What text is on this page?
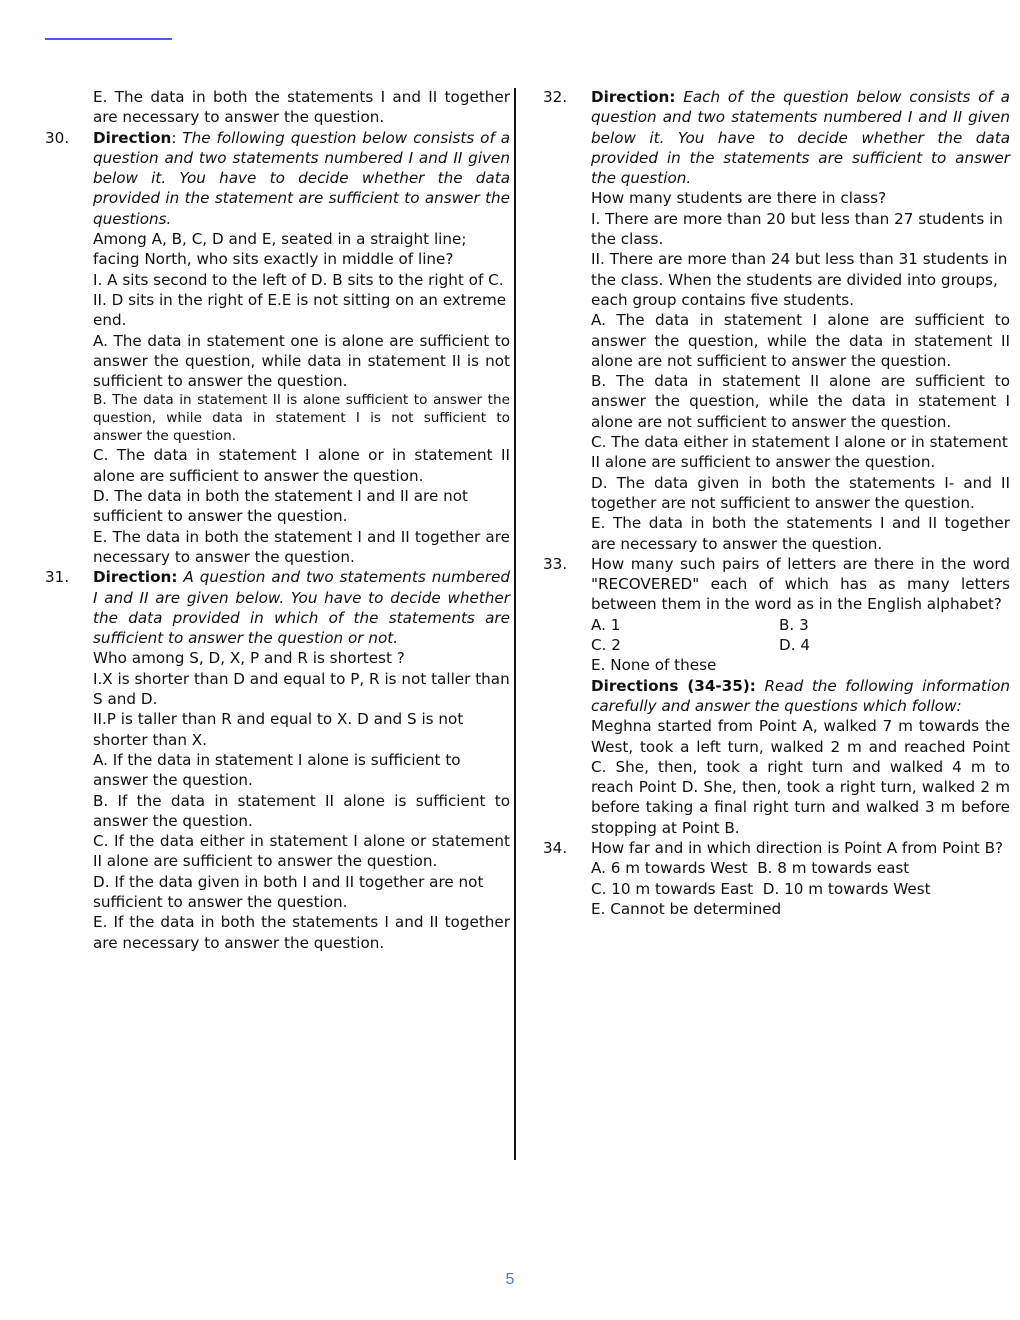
E. The data in both the statements I and II together are necessary to answer the question.

30. Direction: The following question below consists of a question and two statements numbered I and II given below it. You have to decide whether the data provided in the statement are sufficient to answer the questions.

Among A, B, C, D and E, seated in a straight line; facing North, who sits exactly in middle of line?

I. A sits second to the left of D. B sits to the right of C.

II. D sits in the right of E.E is not sitting on an extreme end.

A. The data in statement one is alone are sufficient to answer the question, while data in statement II is not sufficient to answer the question.

B. The data in statement II is alone sufficient to answer the question, while data in statement I is not sufficient to answer the question.

C. The data in statement I alone or in statement II alone are sufficient to answer the question.

D. The data in both the statement I and II are not sufficient to answer the question.

E. The data in both the statement I and II together are necessary to answer the question.

31. Direction: A question and two statements numbered I and II are given below. You have to decide whether the data provided in which of the statements are sufficient to answer the question or not.

Who among S, D, X, P and R is shortest ?

I.X is shorter than D and equal to P, R is not taller than S and D.

II.P is taller than R and equal to X. D and S is not shorter than X.

A. If the data in statement I alone is sufficient to answer the question.

B. If the data in statement II alone is sufficient to answer the question.

C. If the data either in statement I alone or statement II alone are sufficient to answer the question.

D. If the data given in both I and II together are not sufficient to answer the question.

E. If the data in both the statements I and II together are necessary to answer the question.

32. Direction: Each of the question below consists of a question and two statements numbered I and II given below it. You have to decide whether the data provided in the statements are sufficient to answer the question.

How many students are there in class?

I. There are more than 20 but less than 27 students in the class.

II. There are more than 24 but less than 31 students in the class. When the students are divided into groups, each group contains five students.

A. The data in statement I alone are sufficient to answer the question, while the data in statement II alone are not sufficient to answer the question.

B. The data in statement II alone are sufficient to answer the question, while the data in statement I alone are not sufficient to answer the question.

C. The data either in statement I alone or in statement II alone are sufficient to answer the question.

D. The data given in both the statements I- and II together are not sufficient to answer the question.

E. The data in both the statements I and II together are necessary to answer the question.

33. How many such pairs of letters are there in the word "RECOVERED" each of which has as many letters between them in the word as in the English alphabet?

A. 1	B. 3
C. 2	D. 4

E. None of these

Directions (34-35): Read the following information carefully and answer the questions which follow:

Meghna started from Point A, walked 7 m towards the West, took a left turn, walked 2 m and reached Point C. She, then, took a right turn and walked 4 m to reach Point D. She, then, took a right turn, walked 2 m before taking a final right turn and walked 3 m before stopping at Point B.

34. How far and in which direction is Point A from Point B?

A. 6 m towards West  B. 8 m towards east

C. 10 m towards East  D. 10 m towards West

E. Cannot be determined

5
